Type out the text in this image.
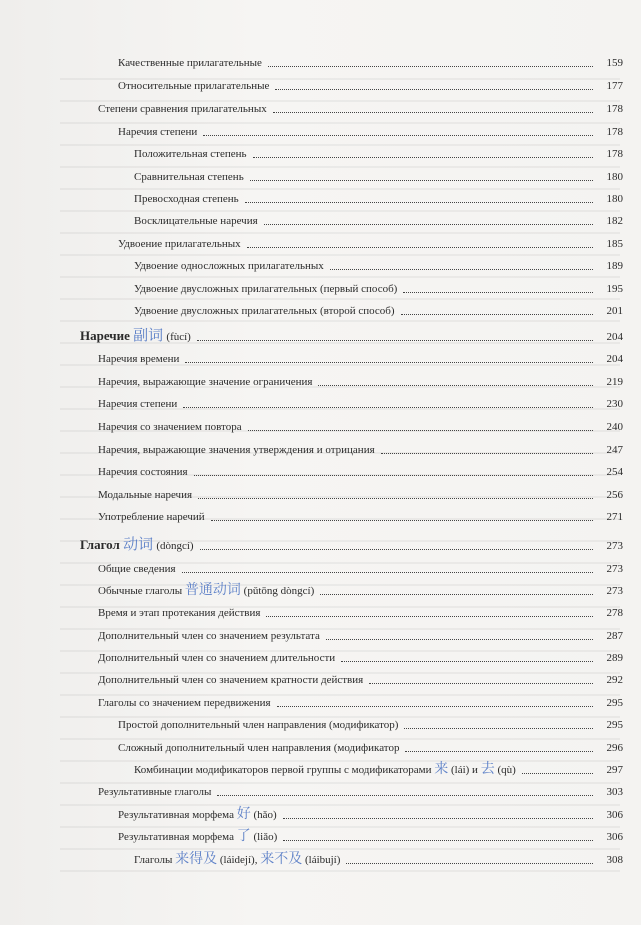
Качественные прилагательные	159
Относительные прилагательные	177
Степени сравнения прилагательных	178
Наречия степени	178
Положительная степень	178
Сравнительная степень	180
Превосходная степень	180
Восклицательные наречия	182
Удвоение прилагательных	185
Удвоение односложных прилагательных	189
Удвоение двусложных прилагательных (первый способ)	195
Удвоение двусложных прилагательных (второй способ)	201
Наречие 副词 (fùcí)	204
Наречия времени	204
Наречия, выражающие значение ограничения	219
Наречия степени	230
Наречия со значением повтора	240
Наречия, выражающие значения утверждения и отрицания	247
Наречия состояния	254
Модальные наречия	256
Употребление наречий	271
Глагол 动词 (dòngcí)	273
Общие сведения	273
Обычные глаголы 普通动词 (pǔtōng dòngcí)	273
Время и этап протекания действия	278
Дополнительный член со значением результата	287
Дополнительный член со значением длительности	289
Дополнительный член со значением кратности действия	292
Глаголы со значением передвижения	295
Простой дополнительный член направления (модификатор)	295
Сложный дополнительный член направления (модификатор	296
Комбинации модификаторов первой группы с модификаторами 来 (lái) и 去 (qù)	297
Результативные глаголы	303
Результативная морфема 好 (hǎo)	306
Результативная морфема 了 (liǎo)	306
Глаголы 来得及 (láidejí), 来不及 (láibují)	308
